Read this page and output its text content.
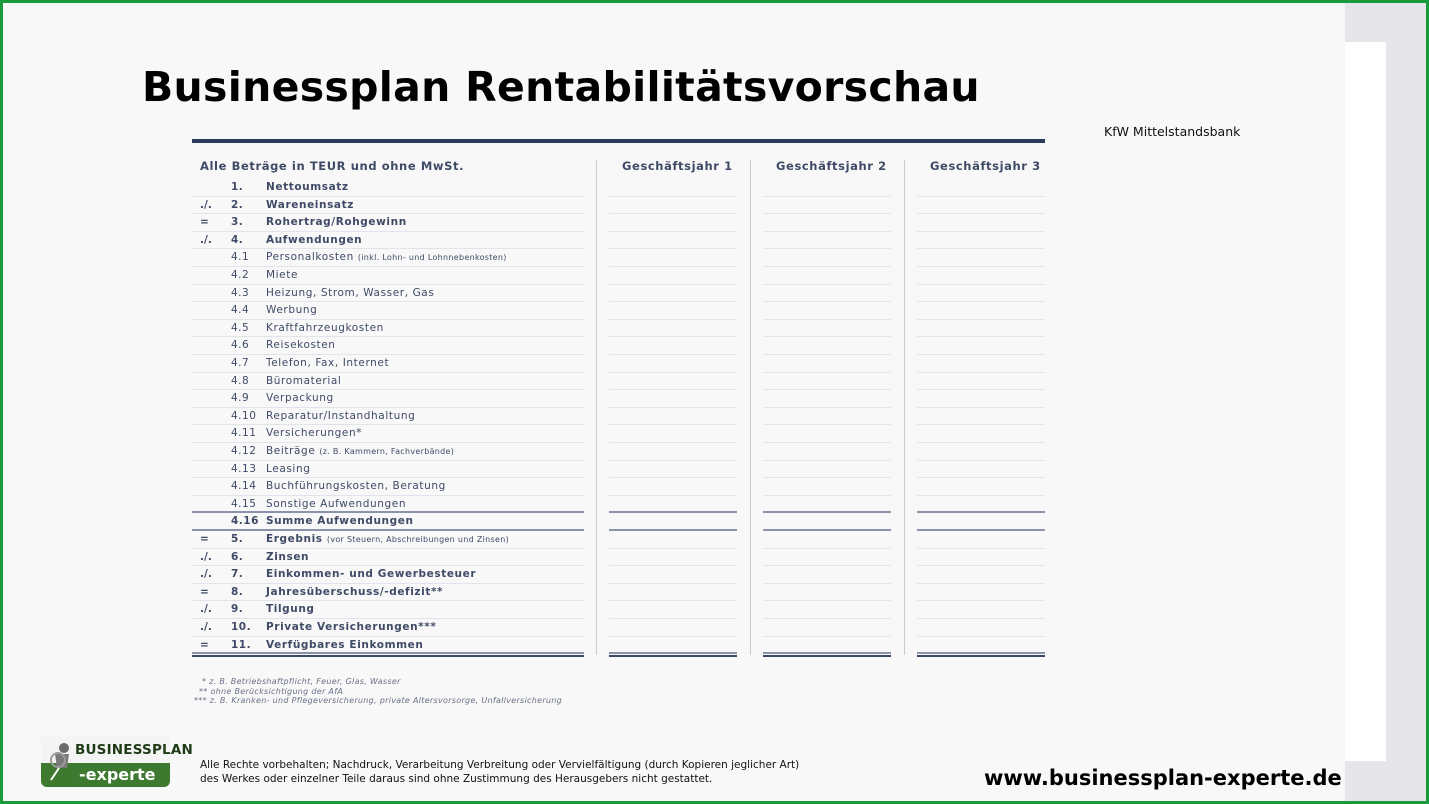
Businessplan Rentabilitätsvorschau
KfW Mittelstandsbank
Alle Beträge in TEUR und ohne MwSt.	Geschäftsjahr 1	Geschäftsjahr 2	Geschäftsjahr 3
1. Nettoumsatz
./. 2. Wareneinsatz
= 3. Rohertrag/Rohgewinn
./. 4. Aufwendungen
4.1 Personalkosten (inkl. Lohn- und Lohnnebenkosten)
4.2 Miete
4.3 Heizung, Strom, Wasser, Gas
4.4 Werbung
4.5 Kraftfahrzeugkosten
4.6 Reisekosten
4.7 Telefon, Fax, Internet
4.8 Büromaterial
4.9 Verpackung
4.10 Reparatur/Instandhaltung
4.11 Versicherungen*
4.12 Beiträge (z. B. Kammern, Fachverbände)
4.13 Leasing
4.14 Buchführungskosten, Beratung
4.15 Sonstige Aufwendungen
4.16 Summe Aufwendungen
= 5. Ergebnis (vor Steuern, Abschreibungen und Zinsen)
./. 6. Zinsen
./. 7. Einkommen- und Gewerbesteuer
= 8. Jahresüberschuss/-defizit**
./. 9. Tilgung
./. 10. Private Versicherungen***
= 11. Verfügbares Einkommen
* z. B. Betriebshaftpflicht, Feuer, Glas, Wasser
** ohne Berücksichtigung der AfA
*** z. B. Kranken- und Pflegeversicherung, private Altersvorsorge, Unfallversicherung
BUSINESSPLAN
-experte	Alle Rechte vorbehalten; Nachdruck, Verarbeitung Verbreitung oder Vervielfältigung (durch Kopieren jeglicher Art)
des Werkes oder einzelner Teile daraus sind ohne Zustimmung des Herausgebers nicht gestattet.	www.businessplan-experte.de
